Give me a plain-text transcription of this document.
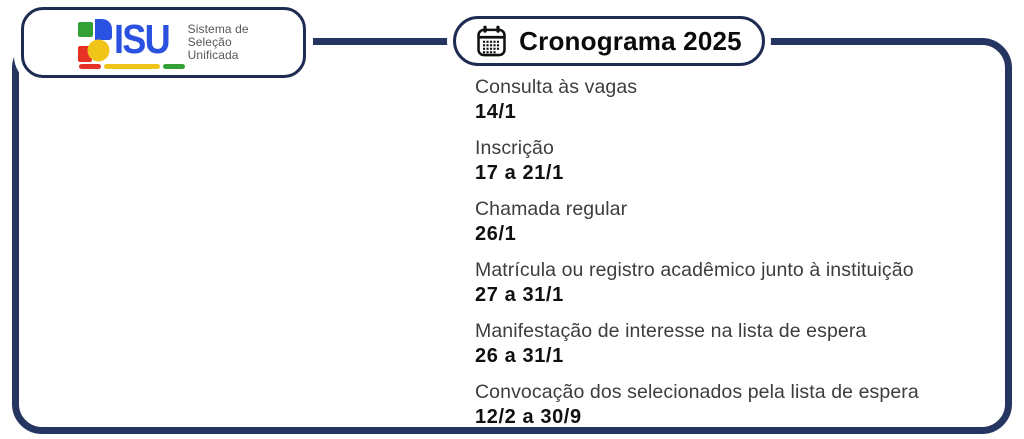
Consulta às vagas
14/1
Inscrição
17 a 21/1
Chamada regular
26/1
Matrícula ou registro acadêmico junto à instituição
27 a 31/1
Manifestação de interesse na lista de espera
26 a 31/1
Convocação dos selecionados pela lista de espera
12/2 a 30/9
ISU Sistema de
Seleção
Unificada	Cronograma 2025
